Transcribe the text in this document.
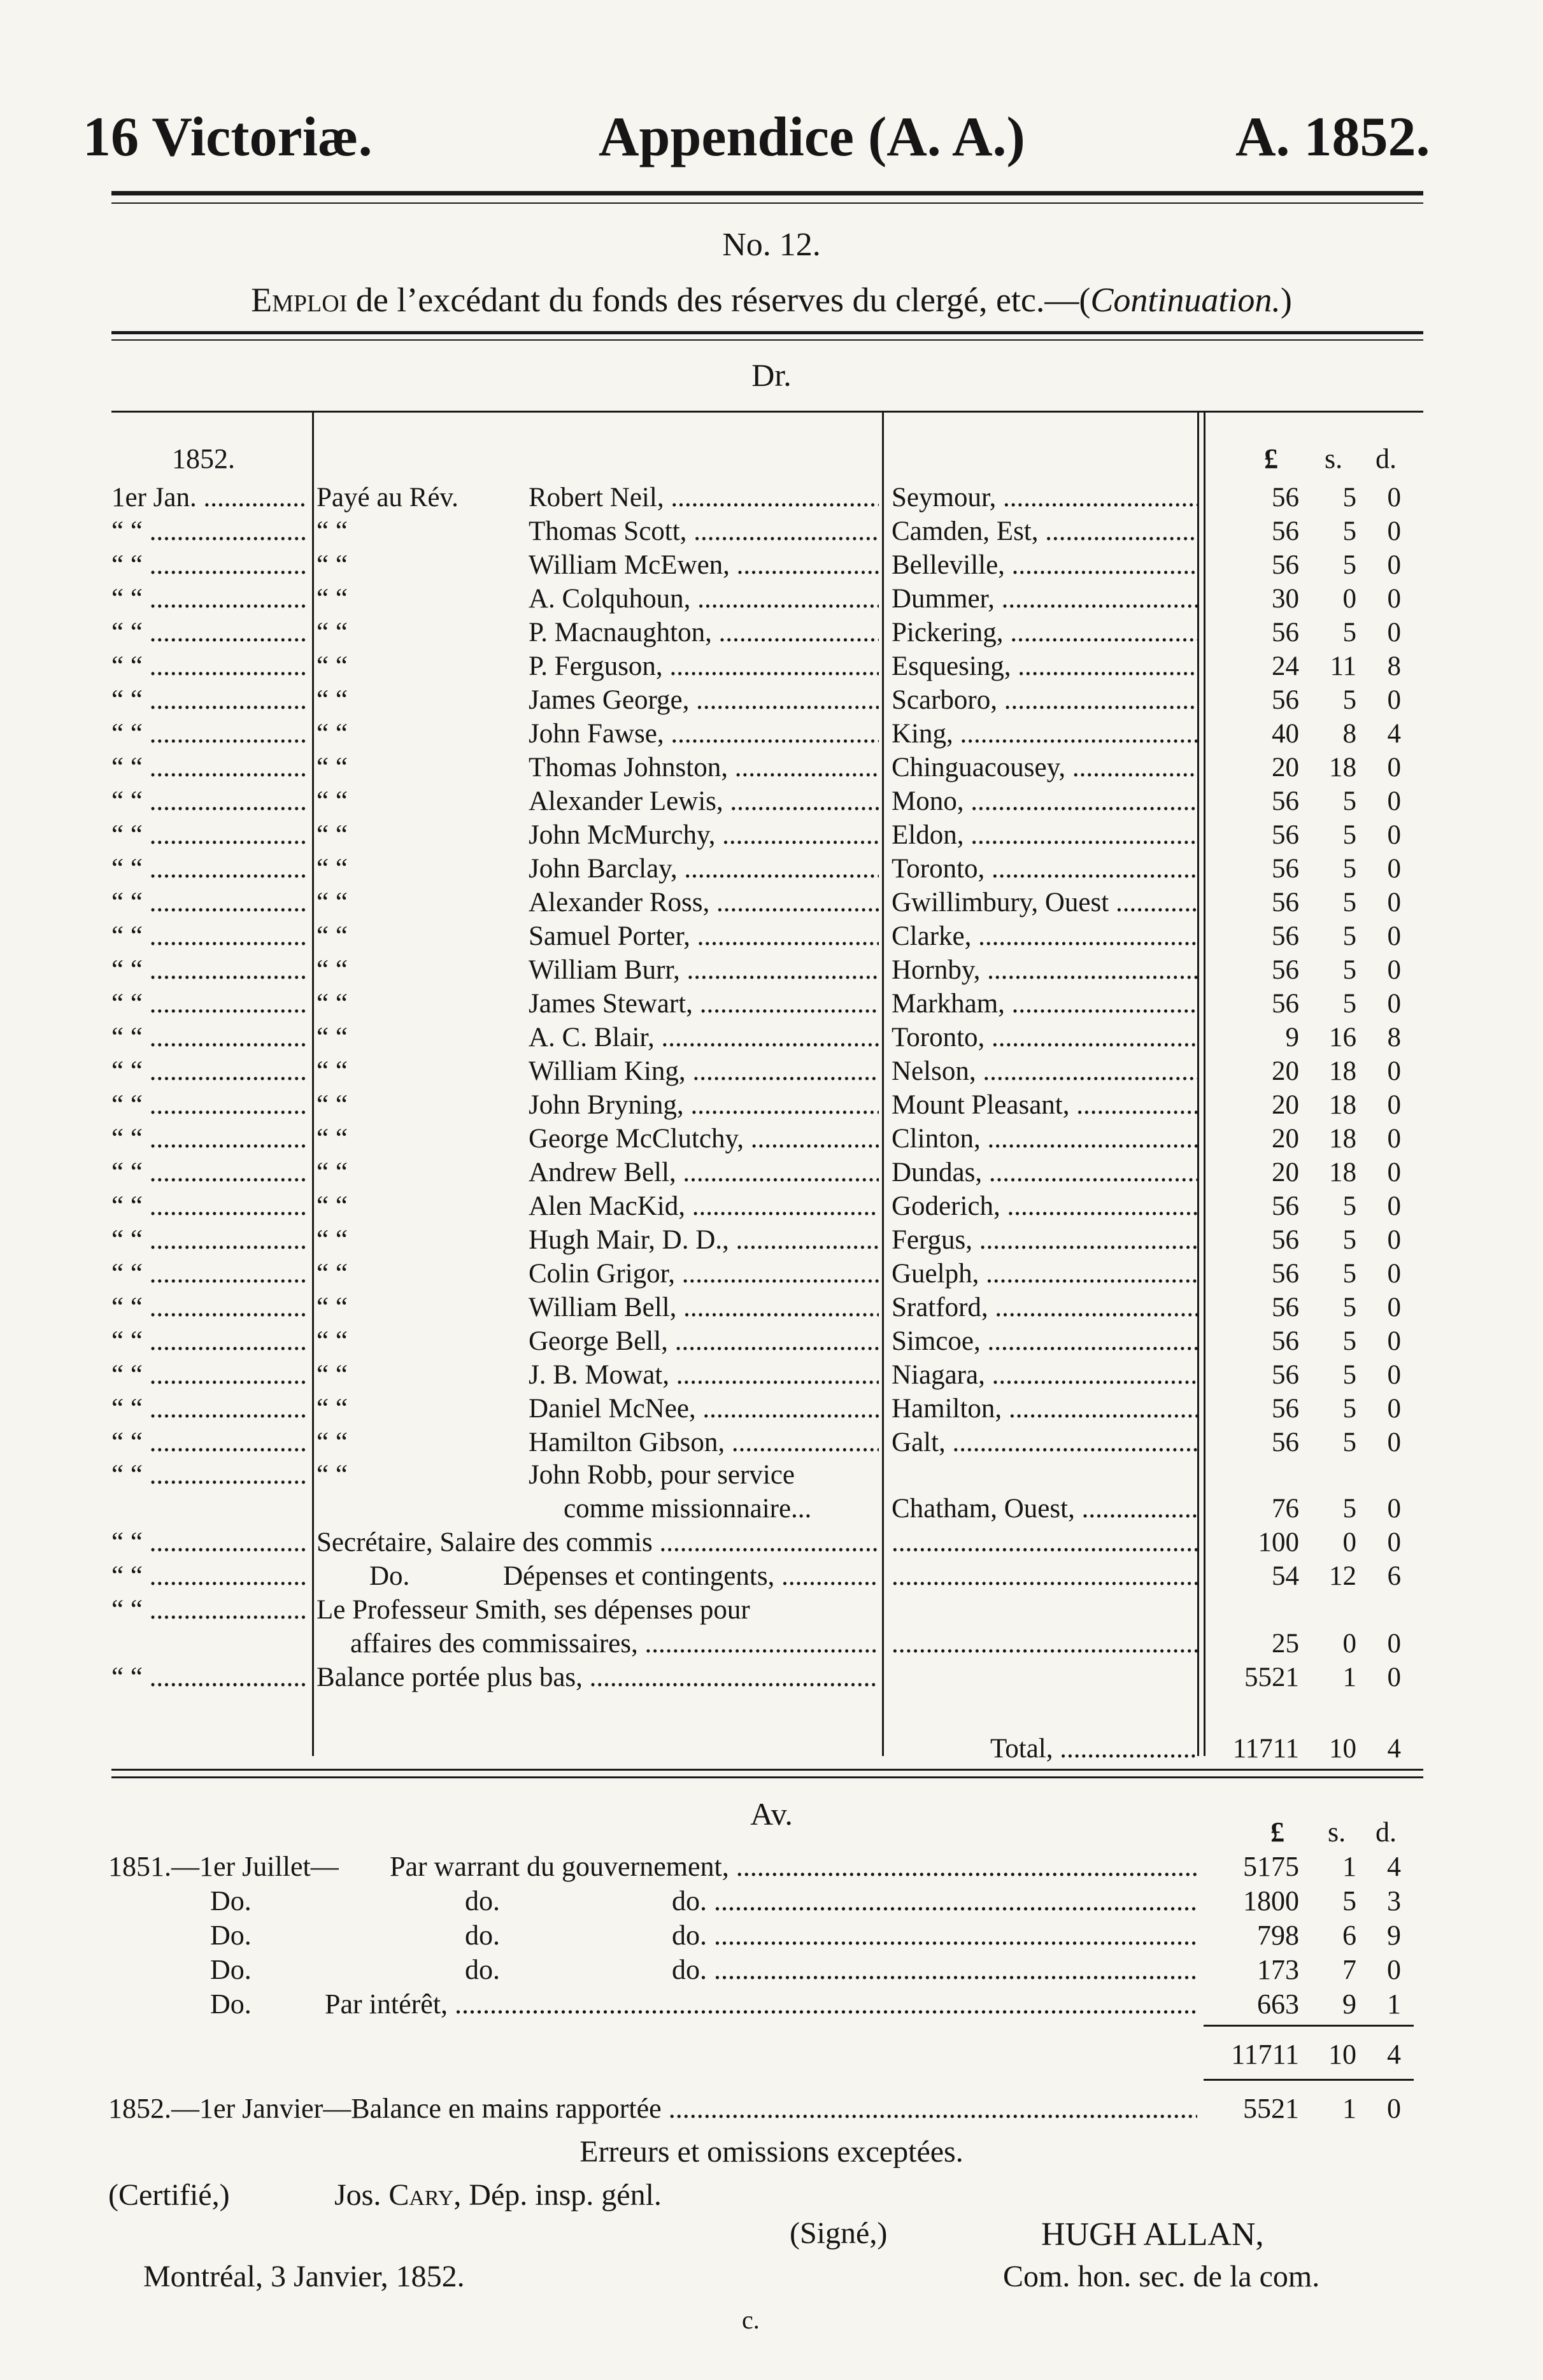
16 Victoriæ.	Appendice (A. A.)	A. 1852.
No. 12.
Emploi de l’excédant du fonds des réserves du clergé, etc.—(Continuation.)
Dr.
1852.	£ s. d.
1er Jan. .....	Payé au Rév.	Robert Neil, .....	Seymour, .....	56	5	0
“ “ .....	“ “	Thomas Scott, .....	Camden, Est, .....	56	5	0
“ “ .....	“ “	William McEwen, .....	Belleville, .....	56	5	0
“ “ .....	“ “	A. Colquhoun, .....	Dummer, .....	30	0	0
“ “ .....	“ “	P. Macnaughton, .....	Pickering, .....	56	5	0
“ “ .....	“ “	P. Ferguson, .....	Esquesing, .....	24	11	8
“ “ .....	“ “	James George, .....	Scarboro, .....	56	5	0
“ “ .....	“ “	John Fawse, .....	King, .....	40	8	4
“ “ .....	“ “	Thomas Johnston, .....	Chinguacousey, .....	20	18	0
“ “ .....	“ “	Alexander Lewis, .....	Mono, .....	56	5	0
“ “ .....	“ “	John McMurchy, .....	Eldon, .....	56	5	0
“ “ .....	“ “	John Barclay, .....	Toronto, .....	56	5	0
“ “ .....	“ “	Alexander Ross, .....	Gwillimbury, Ouest .....	56	5	0
“ “ .....	“ “	Samuel Porter, .....	Clarke, .....	56	5	0
“ “ .....	“ “	William Burr, .....	Hornby, .....	56	5	0
“ “ .....	“ “	James Stewart, .....	Markham, .....	56	5	0
“ “ .....	“ “	A. C. Blair, .....	Toronto, .....	9	16	8
“ “ .....	“ “	William King, .....	Nelson, .....	20	18	0
“ “ .....	“ “	John Bryning, .....	Mount Pleasant, .....	20	18	0
“ “ .....	“ “	George McClutchy, .....	Clinton, .....	20	18	0
“ “ .....	“ “	Andrew Bell, .....	Dundas, .....	20	18	0
“ “ .....	“ “	Alen MacKid, .....	Goderich, .....	56	5	0
“ “ .....	“ “	Hugh Mair, D. D., .....	Fergus, .....	56	5	0
“ “ .....	“ “	Colin Grigor, .....	Guelph, .....	56	5	0
“ “ .....	“ “	William Bell, .....	Sratford, .....	56	5	0
“ “ .....	“ “	George Bell, .....	Simcoe, .....	56	5	0
“ “ .....	“ “	J. B. Mowat, .....	Niagara, .....	56	5	0
“ “ .....	“ “	Daniel McNee, .....	Hamilton, .....	56	5	0
“ “ .....	“ “	Hamilton Gibson, .....	Galt, .....	56	5	0
“ “ .....	“ “	John Robb, pour service
comme missionnaire...	Chatham, Ouest, .....	76	5	0
“ “ .....	Secrétaire, Salaire des commis ..... .....	100	0	0
“ “ .....	Do.	Dépenses et contingents, ..... .....	54	12	6
“ “ .....	Le Professeur Smith, ses dépenses pour
affaires des commissaires, ..... .....	25	0	0
“ “ .....	Balance portée plus bas, .....	5521	1	0
Total, .....	11711	10	4
Av.
£ s. d.
1851.—1er Juillet—	Par warrant du gouvernement, .....	5175	1	4
Do.	do.	do. .....	1800	5	3
Do.	do.	do. .....	798	6	9
Do.	do.	do. .....	173	7	0
Do.	Par intérêt, .....	663	9	1
11711	10	4
1852.—1er Janvier—Balance en mains rapportée .....	5521	1	0
Erreurs et omissions exceptées.
(Certifié,)	Jos. Cary, Dép. insp. génl.
(Signé,)	HUGH ALLAN,
Montréal, 3 Janvier, 1852.	Com. hon. sec. de la com.
c.
